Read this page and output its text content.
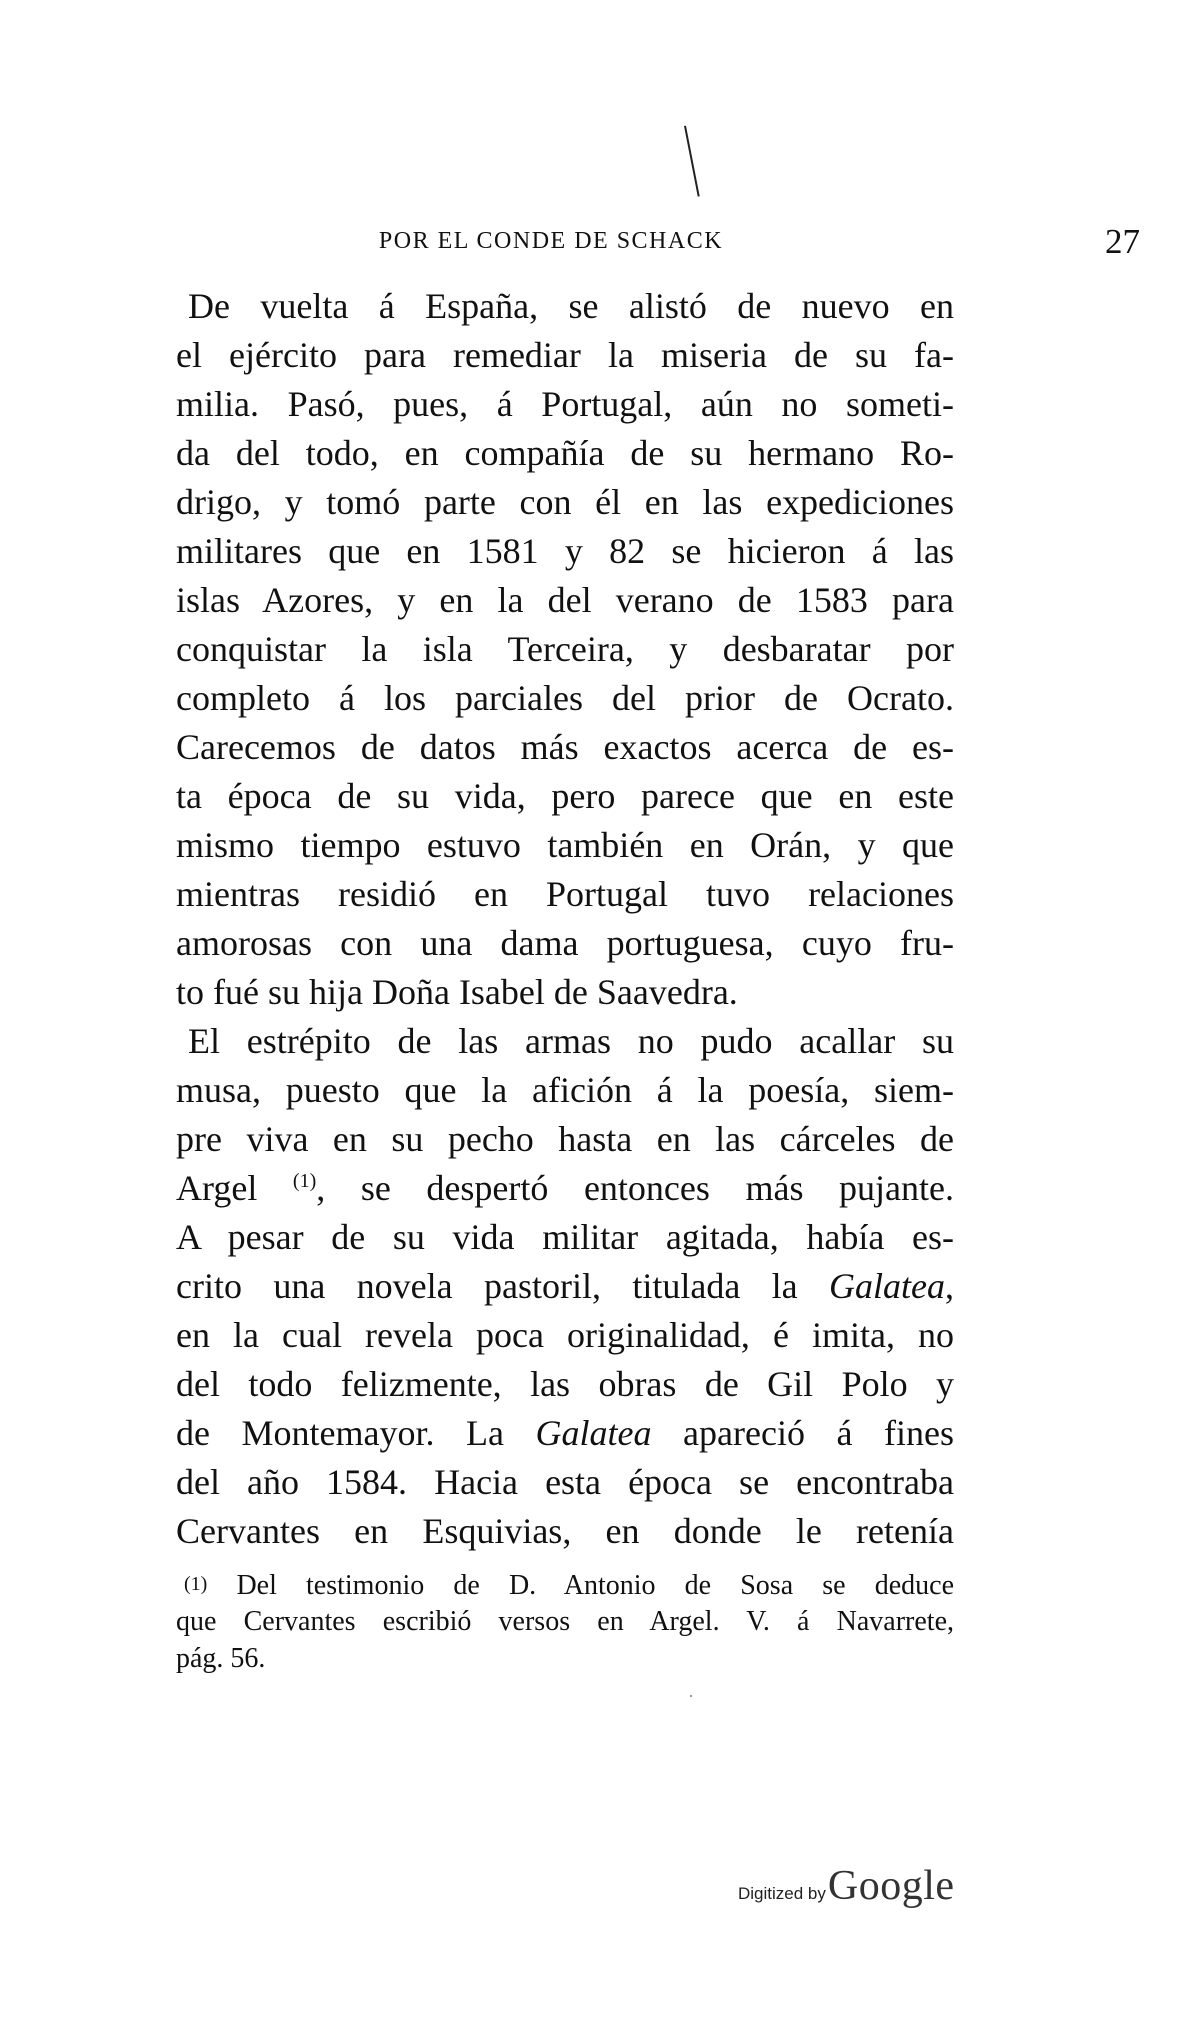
POR EL CONDE DE SCHACK	27
De vuelta á España, se alistó de nuevo en
el ejército para remediar la miseria de su fa-
milia. Pasó, pues, á Portugal, aún no someti-
da del todo, en compañía de su hermano Ro-
drigo, y tomó parte con él en las expediciones
militares que en 1581 y 82 se hicieron á las
islas Azores, y en la del verano de 1583 para
conquistar la isla Terceira, y desbaratar por
completo á los parciales del prior de Ocrato.
Carecemos de datos más exactos acerca de es-
ta época de su vida, pero parece que en este
mismo tiempo estuvo también en Orán, y que
mientras residió en Portugal tuvo relaciones
amorosas con una dama portuguesa, cuyo fru-
to fué su hija Doña Isabel de Saavedra.
El estrépito de las armas no pudo acallar su
musa, puesto que la afición á la poesía, siem-
pre viva en su pecho hasta en las cárceles de
Argel $^{(1)}$, se despertó entonces más pujante.
A pesar de su vida militar agitada, había es-
crito una novela pastoril, titulada la Galatea,
en la cual revela poca originalidad, é imita, no
del todo felizmente, las obras de Gil Polo y
de Montemayor. La Galatea apareció á fines
del año 1584. Hacia esta época se encontraba
Cervantes en Esquivias, en donde le retenía
(1) Del testimonio de D. Antonio de Sosa se deduce
que Cervantes escribió versos en Argel. V. á Navarrete,
pág. 56.
Digitized by Google
